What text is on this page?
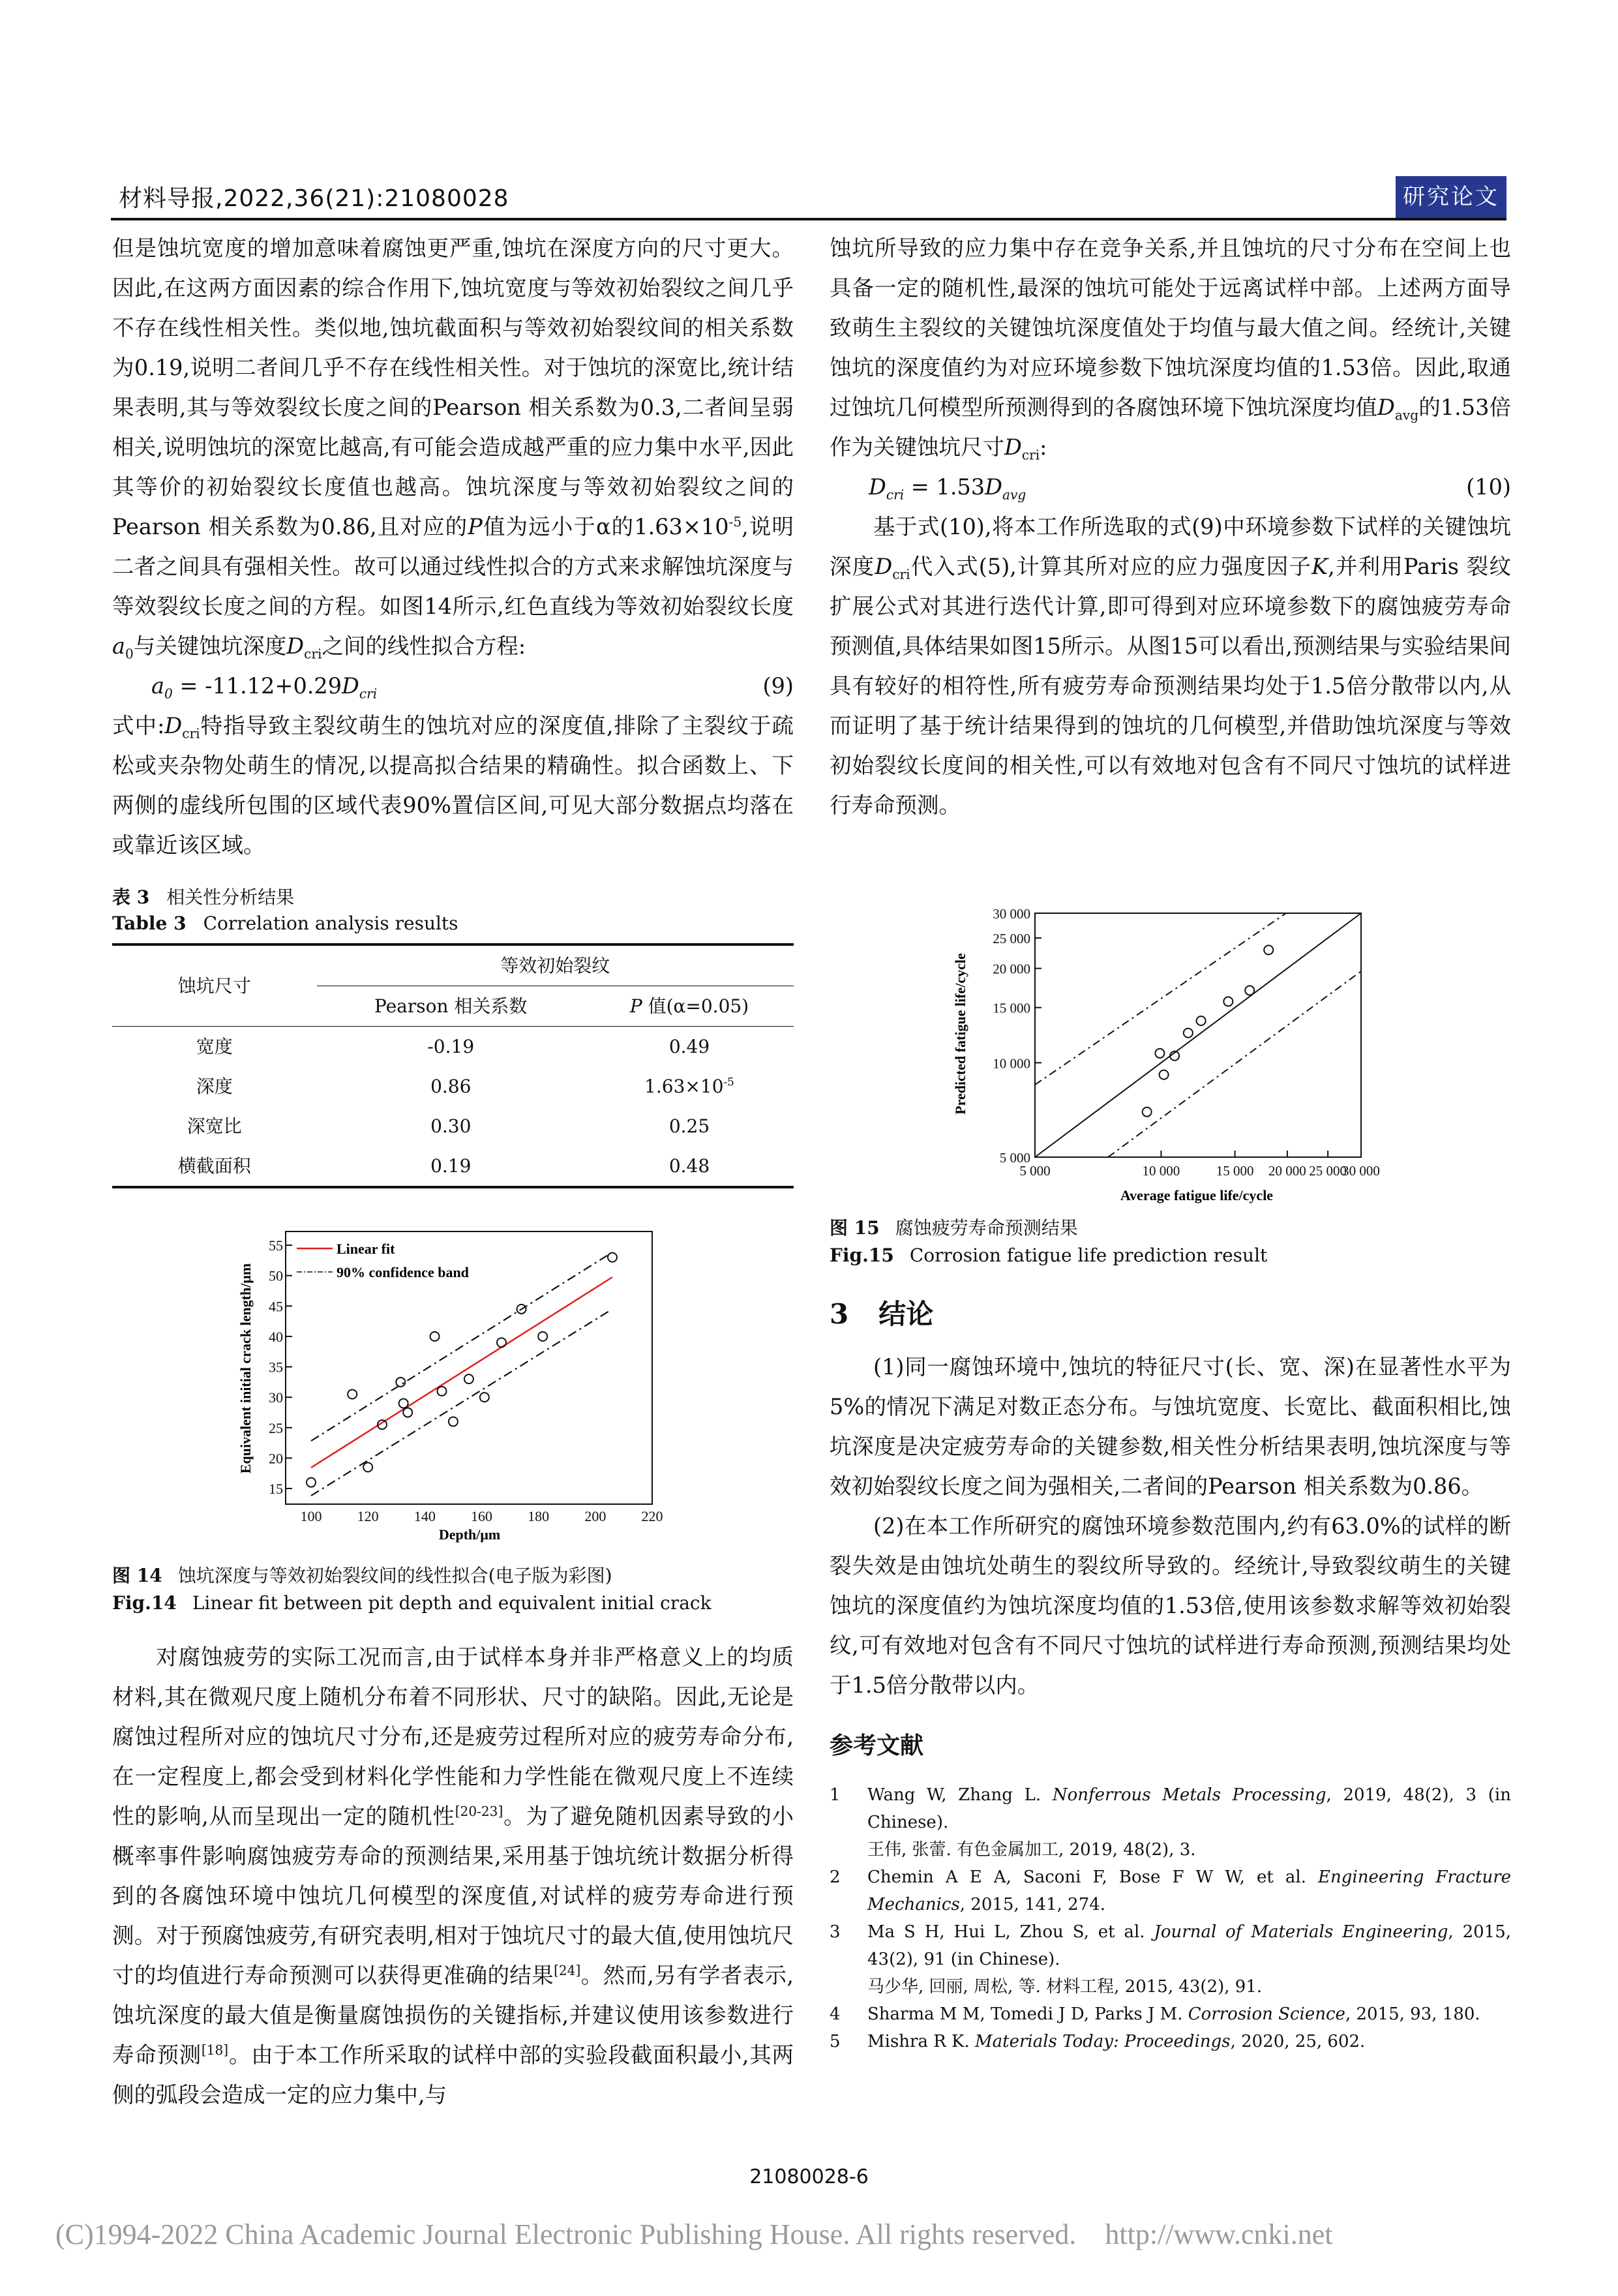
材料导报,2022,36(21):21080028	研究论文

但是蚀坑宽度的增加意味着腐蚀更严重,蚀坑在深度方向的尺寸更大。因此,在这两方面因素的综合作用下,蚀坑宽度与等效初始裂纹之间几乎不存在线性相关性。类似地,蚀坑截面积与等效初始裂纹间的相关系数为0.19,说明二者间几乎不存在线性相关性。对于蚀坑的深宽比,统计结果表明,其与等效裂纹长度之间的Pearson 相关系数为0.3,二者间呈弱相关,说明蚀坑的深宽比越高,有可能会造成越严重的应力集中水平,因此其等价的初始裂纹长度值也越高。蚀坑深度与等效初始裂纹之间的Pearson 相关系数为0.86,且对应的P值为远小于α的$1.63\times 10^{-5}$,说明二者之间具有强相关性。故可以通过线性拟合的方式来求解蚀坑深度与等效裂纹长度之间的方程。如图14所示,红色直线为等效初始裂纹长度$a_0$与关键蚀坑深度$D_{cri}$之间的线性拟合方程:

$a_0 = -11.12+0.29D_{cri}$	(9)

式中$:D_{cri}$特指导致主裂纹萌生的蚀坑对应的深度值,排除了主裂纹于疏松或夹杂物处萌生的情况,以提高拟合结果的精确性。拟合函数上、下两侧的虚线所包围的区域代表90%置信区间,可见大部分数据点均落在或靠近该区域。

表 3 相关性分析结果
Table 3 Correlation analysis results
蚀坑尺寸	等效初始裂纹	
	Pearson 相关系数	P 值(α=0.05)
宽度	-0.19	0.49
深度	0.86	$1.63\times 10^{-5}$
深宽比	0.30	0.25
横截面积	0.19	0.48
15
20
25
30
35
40
45
50
55
100 120 140 160 180 200 220
Linear fit
90% confidence band
Depth/μm
Equivalent initial crack length/μm
图 14 蚀坑深度与等效初始裂纹间的线性拟合(电子版为彩图)
Fig.14 Linear fit between pit depth and equivalent initial crack

对腐蚀疲劳的实际工况而言,由于试样本身并非严格意义上的均质材料,其在微观尺度上随机分布着不同形状、尺寸的缺陷。因此,无论是腐蚀过程所对应的蚀坑尺寸分布,还是疲劳过程所对应的疲劳寿命分布,在一定程度上,都会受到材料化学性能和力学性能在微观尺度上不连续性的影响,从而呈现出一定的随机性[20-23]。为了避免随机因素导致的小概率事件影响腐蚀疲劳寿命的预测结果,采用基于蚀坑统计数据分析得到的各腐蚀环境中蚀坑几何模型的深度值,对试样的疲劳寿命进行预测。对于预腐蚀疲劳,有研究表明,相对于蚀坑尺寸的最大值,使用蚀坑尺寸的均值进行寿命预测可以获得更准确的结果[24]。然而,另有学者表示,蚀坑深度的最大值是衡量腐蚀损伤的关键指标,并建议使用该参数进行寿命预测[18]。由于本工作所采取的试样中部的实验段截面积最小,其两侧的弧段会造成一定的应力集中,与

蚀坑所导致的应力集中存在竞争关系,并且蚀坑的尺寸分布在空间上也具备一定的随机性,最深的蚀坑可能处于远离试样中部。上述两方面导致萌生主裂纹的关键蚀坑深度值处于均值与最大值之间。经统计,关键蚀坑的深度值约为对应环境参数下蚀坑深度均值的1.53倍。因此,取通过蚀坑几何模型所预测得到的各腐蚀环境下蚀坑深度均值$D_{avg}$的1.53倍作为关键蚀坑尺寸$D_{cri}$:

$D_{cri} = 1.53D_{avg}$	(10)

基于式(10),将本工作所选取的式(9)中环境参数下试样的关键蚀坑深度$D_{cri}$代入式(5),计算其所对应的应力强度因子K,并利用Paris 裂纹扩展公式对其进行迭代计算,即可得到对应环境参数下的腐蚀疲劳寿命预测值,具体结果如图15所示。从图15可以看出,预测结果与实验结果间具有较好的相符性,所有疲劳寿命预测结果均处于1.5倍分散带以内,从而证明了基于统计结果得到的蚀坑的几何模型,并借助蚀坑深度与等效初始裂纹长度间的相关性,可以有效地对包含有不同尺寸蚀坑的试样进行寿命预测。

5 000
10 000
15 000
20 000
25 000
30 000
5 000	10 000	15 000 20 000 25 000
30 000
Average fatigue life/cycle
Predicted fatigue life/cycle
图 15 腐蚀疲劳寿命预测结果
Fig.15 Corrosion fatigue life prediction result
3 结论

(1)同一腐蚀环境中,蚀坑的特征尺寸(长、宽、深)在显著性水平为5%的情况下满足对数正态分布。与蚀坑宽度、长宽比、截面积相比,蚀坑深度是决定疲劳寿命的关键参数,相关性分析结果表明,蚀坑深度与等效初始裂纹长度之间为强相关,二者间的Pearson 相关系数为0.86。

(2)在本工作所研究的腐蚀环境参数范围内,约有63.0%的试样的断裂失效是由蚀坑处萌生的裂纹所导致的。经统计,导致裂纹萌生的关键蚀坑的深度值约为蚀坑深度均值的1.53倍,使用该参数求解等效初始裂纹,可有效地对包含有不同尺寸蚀坑的试样进行寿命预测,预测结果均处于1.5倍分散带以内。

参考文献
1	Wang W, Zhang L. Nonferrous Metals Processing, 2019, 48(2), 3 (in Chinese).
王伟, 张蕾. 有色金属加工, 2019, 48(2), 3.
2	Chemin A E A, Saconi F, Bose F W W, et al. Engineering Fracture Mechanics, 2015, 141, 274.
3	Ma S H, Hui L, Zhou S, et al. Journal of Materials Engineering, 2015, 43(2), 91 (in Chinese).
马少华, 回丽, 周松, 等. 材料工程, 2015, 43(2), 91.
4	Sharma M M, Tomedi J D, Parks J M. Corrosion Science, 2015, 93, 180.
5	Mishra R K. Materials Today: Proceedings, 2020, 25, 602.
21080028-6
(C)1994-2022 China Academic Journal Electronic Publishing House. All rights reserved.    http://www.cnki.net
